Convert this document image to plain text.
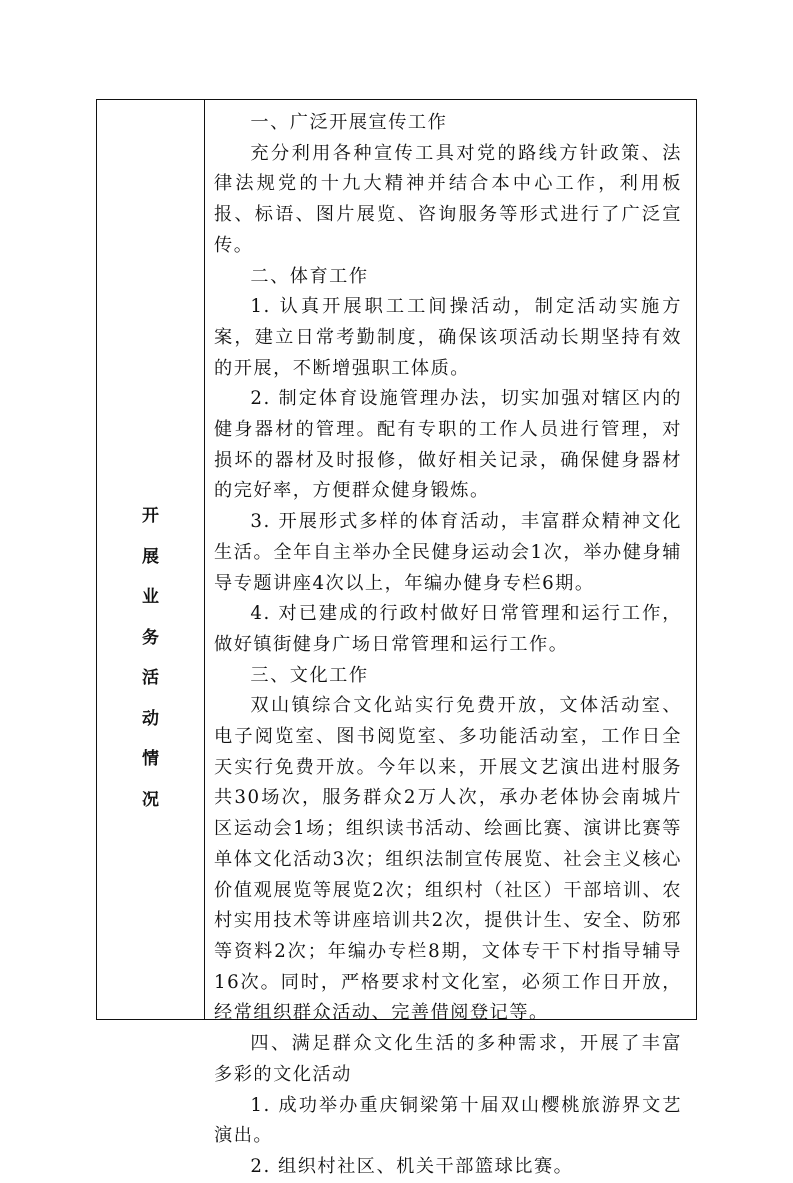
开
展
业
务
活
动
情
况

一、广泛开展宣传工作

充分利用各种宣传工具对党的路线方针政策、法律法规党的十九大精神并结合本中心工作，利用板报、标语、图片展览、咨询服务等形式进行了广泛宣传。

二、体育工作

1. 认真开展职工工间操活动，制定活动实施方案，建立日常考勤制度，确保该项活动长期坚持有效的开展，不断增强职工体质。

2. 制定体育设施管理办法，切实加强对辖区内的健身器材的管理。配有专职的工作人员进行管理，对损坏的器材及时报修，做好相关记录，确保健身器材的完好率，方便群众健身锻炼。

3. 开展形式多样的体育活动，丰富群众精神文化生活。全年自主举办全民健身运动会1次，举办健身辅导专题讲座4次以上，年编办健身专栏6期。

4. 对已建成的行政村做好日常管理和运行工作，做好镇街健身广场日常管理和运行工作。

三、文化工作

双山镇综合文化站实行免费开放，文体活动室、电子阅览室、图书阅览室、多功能活动室，工作日全天实行免费开放。今年以来，开展文艺演出进村服务共30场次，服务群众2万人次，承办老体协会南城片区运动会1场；组织读书活动、绘画比赛、演讲比赛等单体文化活动3次；组织法制宣传展览、社会主义核心价值观展览等展览2次；组织村（社区）干部培训、农村实用技术等讲座培训共2次，提供计生、安全、防邪等资料2次；年编办专栏8期，文体专干下村指导辅导16次。同时，严格要求村文化室，必须工作日开放，经常组织群众活动、完善借阅登记等。

四、满足群众文化生活的多种需求，开展了丰富多彩的文化活动

1. 成功举办重庆铜梁第十届双山樱桃旅游界文艺演出。

2. 组织村社区、机关干部篮球比赛。
